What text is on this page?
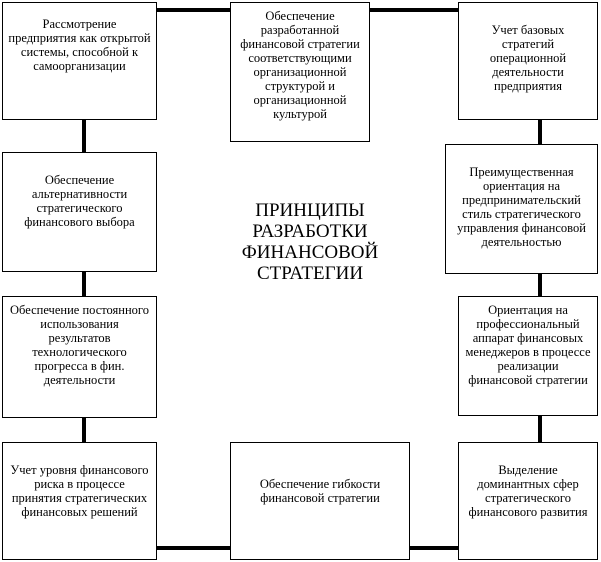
Рассмотрение предприятия как открытой системы, способной к самоорганизации
Обеспечение разработанной финансовой стратегии соответствующими организационной структурой и организационной культурой
Учет базовых стратегий операционной деятельности предприятия
Обеспечение альтернативности стратегического финансового выбора
Преимущественная ориентация на предпринимательский стиль стратегического управления финансовой деятельностью
Обеспечение постоянного использования результатов технологического прогресса в фин. деятельности
Ориентация на профессиональный аппарат финансовых менеджеров в процессе реализации финансовой стратегии
Учет уровня финансового риска в процессе принятия стратегических финансовых решений
Обеспечение гибкости финансовой стратегии
Выделение доминантных сфер стратегического финансового развития
ПРИНЦИПЫ РАЗРАБОТКИ ФИНАНСОВОЙ СТРАТЕГИИ
